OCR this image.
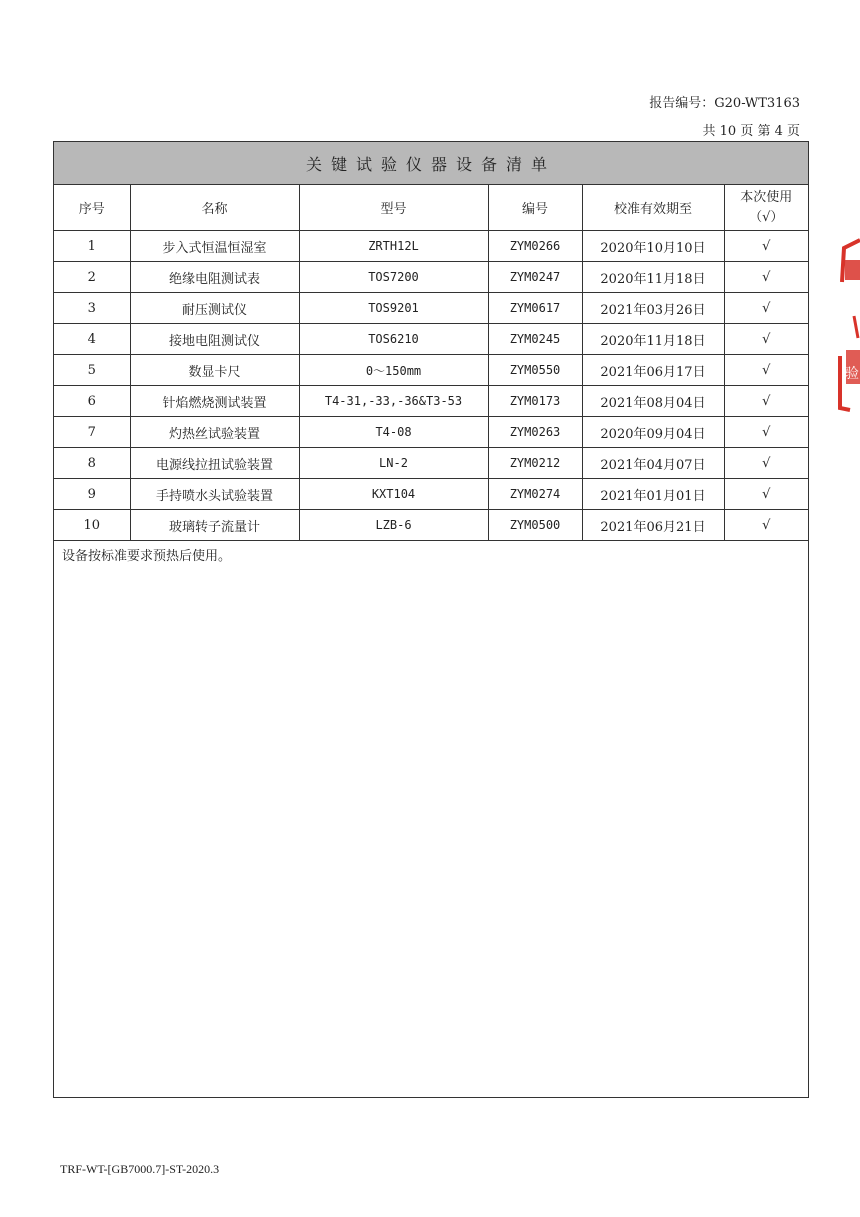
报告编号：G20-WT3163
共 10 页 第 4 页
关键试验仪器设备清单
序号	名称	型号	编号	校准有效期至	本次使用
（√）
1	步入式恒温恒湿室	ZRTH12L	ZYM0266	2020年10月10日	√
2	绝缘电阻测试表	TOS7200	ZYM0247	2020年11月18日	√
3	耐压测试仪	TOS9201	ZYM0617	2021年03月26日	√
4	接地电阻测试仪	TOS6210	ZYM0245	2020年11月18日	√
5	数显卡尺	0～150mm	ZYM0550	2021年06月17日	√
6	针焰燃烧测试装置	T4-31,-33,-36&T3-53	ZYM0173	2021年08月04日	√
7	灼热丝试验装置	T4-08	ZYM0263	2020年09月04日	√
8	电源线拉扭试验装置	LN-2	ZYM0212	2021年04月07日	√
9	手持喷水头试验装置	KXT104	ZYM0274	2021年01月01日	√
10	玻璃转子流量计	LZB-6	ZYM0500	2021年06月21日	√
设备按标准要求预热后使用。
TRF-WT-[GB7000.7]-ST-2020.3
验
